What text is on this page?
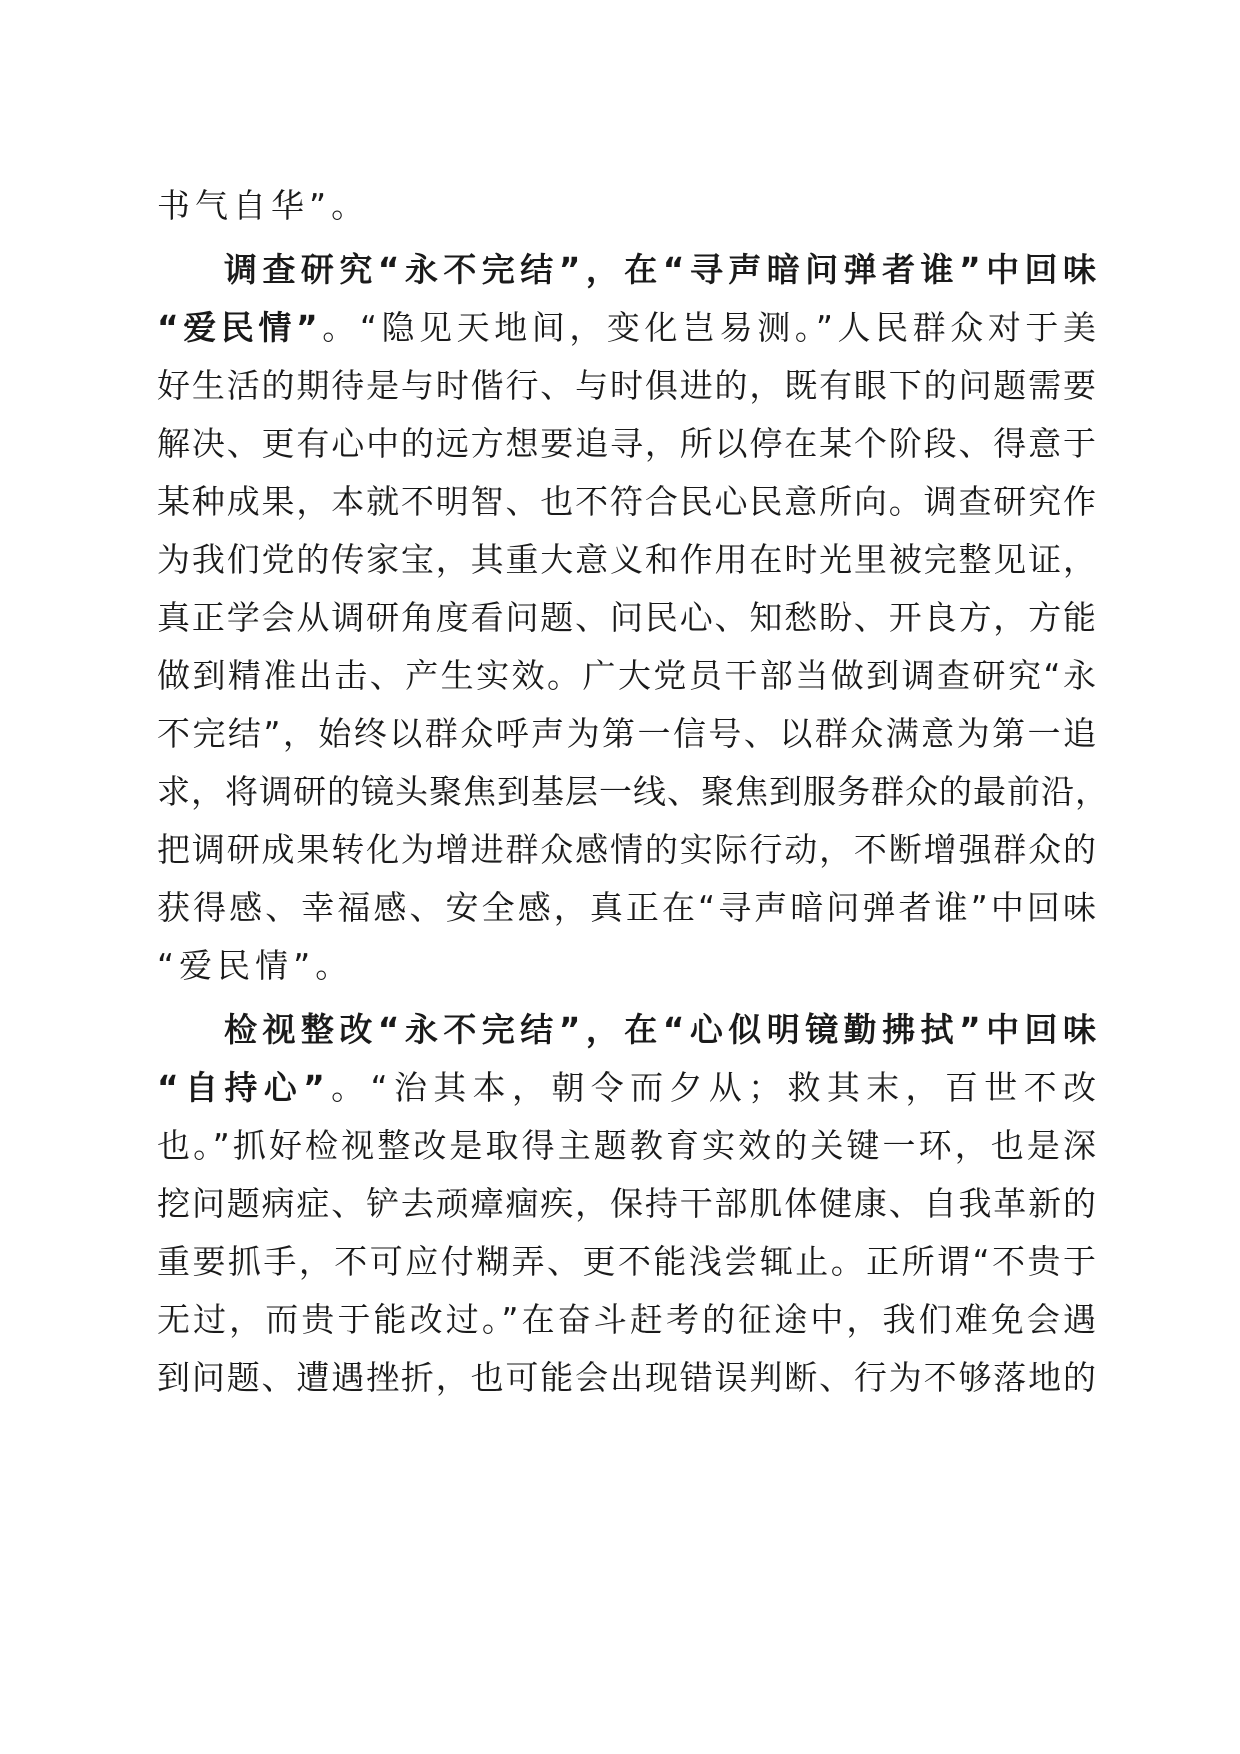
书气自华”。
调查研究“永不完结”，在“寻声暗问弹者谁”中回味
“爱民情”。“隐见天地间，变化岂易测。”人民群众对于美
好生活的期待是与时偕行、与时俱进的，既有眼下的问题需要
解决、更有心中的远方想要追寻，所以停在某个阶段、得意于
某种成果，本就不明智、也不符合民心民意所向。调查研究作
为我们党的传家宝，其重大意义和作用在时光里被完整见证，
真正学会从调研角度看问题、问民心、知愁盼、开良方，方能
做到精准出击、产生实效。广大党员干部当做到调查研究“永
不完结”，始终以群众呼声为第一信号、以群众满意为第一追
求，将调研的镜头聚焦到基层一线、聚焦到服务群众的最前沿，
把调研成果转化为增进群众感情的实际行动，不断增强群众的
获得感、幸福感、安全感，真正在“寻声暗问弹者谁”中回味
“爱民情”。
检视整改“永不完结”，在“心似明镜勤拂拭”中回味
“自持心”。“治其本，朝令而夕从；救其末，百世不改
也。”抓好检视整改是取得主题教育实效的关键一环，也是深
挖问题病症、铲去顽瘴痼疾，保持干部肌体健康、自我革新的
重要抓手，不可应付糊弄、更不能浅尝辄止。正所谓“不贵于
无过，而贵于能改过。”在奋斗赶考的征途中，我们难免会遇
到问题、遭遇挫折，也可能会出现错误判断、行为不够落地的
